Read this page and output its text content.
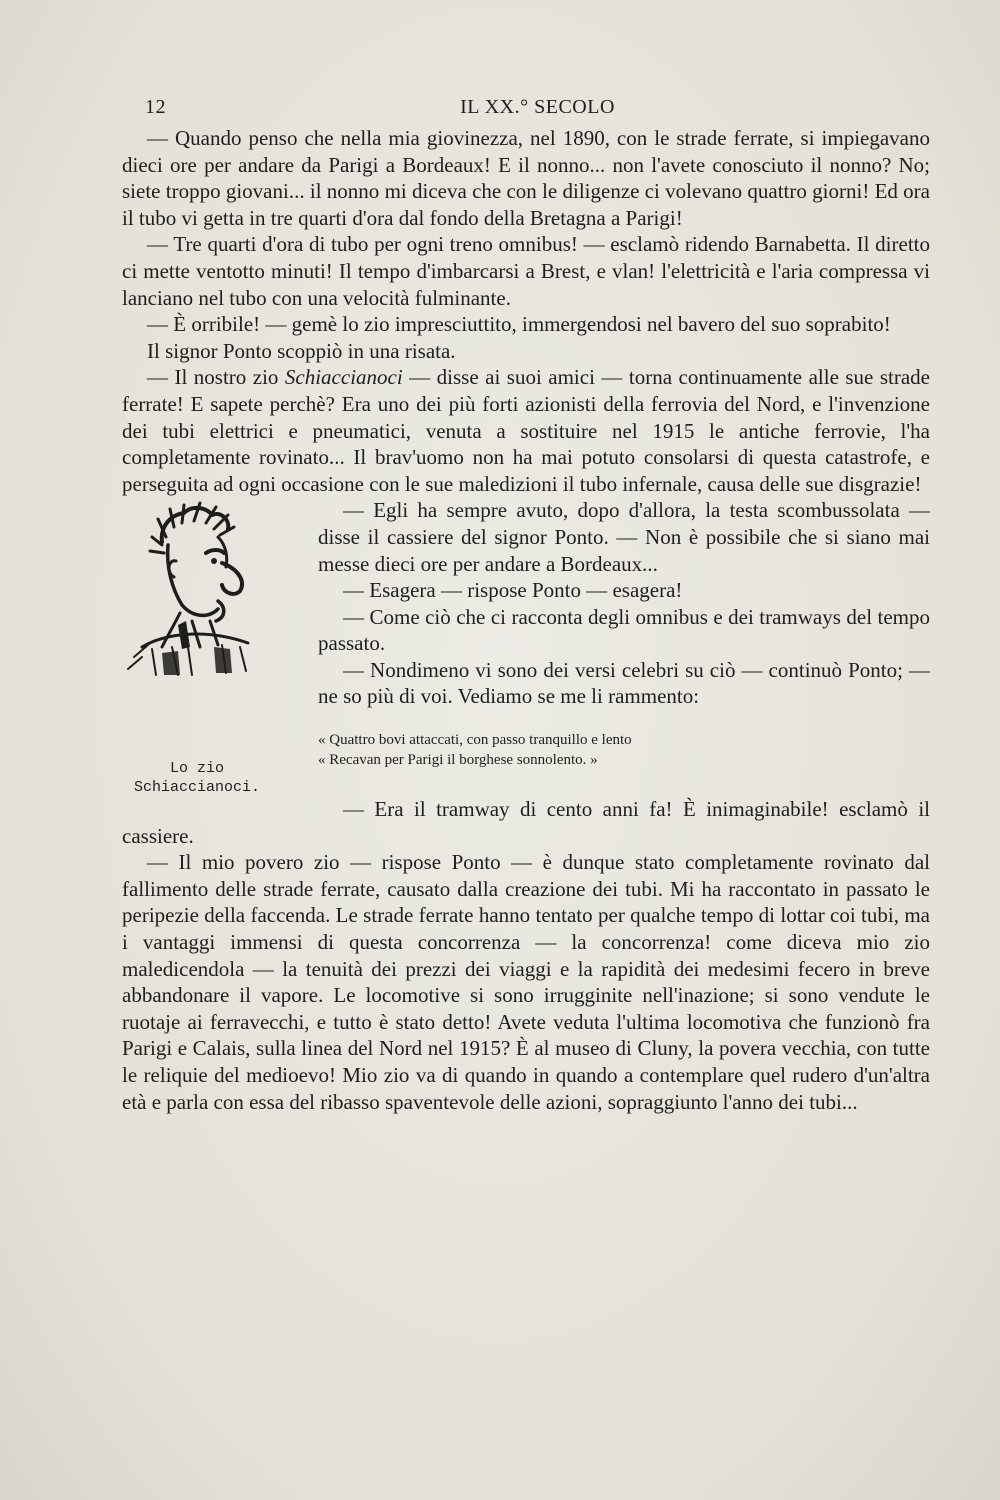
12	IL XX.° SECOLO

— Quando penso che nella mia giovinezza, nel 1890, con le strade ferrate, si impiegavano dieci ore per andare da Parigi a Bordeaux! E il nonno... non l'avete conosciuto il nonno? No; siete troppo giovani... il nonno mi diceva che con le diligenze ci volevano quattro giorni! Ed ora il tubo vi getta in tre quarti d'ora dal fondo della Bretagna a Parigi!

— Tre quarti d'ora di tubo per ogni treno omnibus! — esclamò ridendo Barnabetta. Il diretto ci mette ventotto minuti! Il tempo d'imbarcarsi a Brest, e vlan! l'elettricità e l'aria compressa vi lanciano nel tubo con una velocità fulminante.

— È orribile! — gemè lo zio impresciuttito, immergendosi nel bavero del suo soprabito!

Il signor Ponto scoppiò in una risata.

— Il nostro zio Schiaccianoci — disse ai suoi amici — torna continuamente alle sue strade ferrate! E sapete perchè? Era uno dei più forti azionisti della ferrovia del Nord, e l'invenzione dei tubi elettrici e pneumatici, venuta a sostituire nel 1915 le antiche ferrovie, l'ha completamente rovinato... Il brav'uomo non ha mai potuto consolarsi di questa catastrofe, e perseguita ad ogni occasione con le sue maledizioni il tubo infernale, causa delle sue disgrazie!

Lo zio
Schiaccianoci.

— Egli ha sempre avuto, dopo d'allora, la testa scombussolata — disse il cassiere del signor Ponto. — Non è possibile che si siano mai messe dieci ore per andare a Bordeaux...

— Esagera — rispose Ponto — esagera!

— Come ciò che ci racconta degli omnibus e dei tramways del tempo passato.

— Nondimeno vi sono dei versi celebri su ciò — continuò Ponto; — ne so più di voi. Vediamo se me li rammento:

« Quattro bovi attaccati, con passo tranquillo e lento
« Recavan per Parigi il borghese sonnolento. »

— Era il tramway di cento anni fa! È inimaginabile! esclamò il cassiere.

— Il mio povero zio — rispose Ponto — è dunque stato completamente rovinato dal fallimento delle strade ferrate, causato dalla creazione dei tubi. Mi ha raccontato in passato le peripezie della faccenda. Le strade ferrate hanno tentato per qualche tempo di lottar coi tubi, ma i vantaggi immensi di questa concorrenza — la concorrenza! come diceva mio zio maledicendola — la tenuità dei prezzi dei viaggi e la rapidità dei medesimi fecero in breve abbandonare il vapore. Le locomotive si sono irrugginite nell'inazione; si sono vendute le ruotaje ai ferravecchi, e tutto è stato detto! Avete veduta l'ultima locomotiva che funzionò fra Parigi e Calais, sulla linea del Nord nel 1915? È al museo di Cluny, la povera vecchia, con tutte le reliquie del medioevo! Mio zio va di quando in quando a contemplare quel rudero d'un'altra età e parla con essa del ribasso spaventevole delle azioni, sopraggiunto l'anno dei tubi...
